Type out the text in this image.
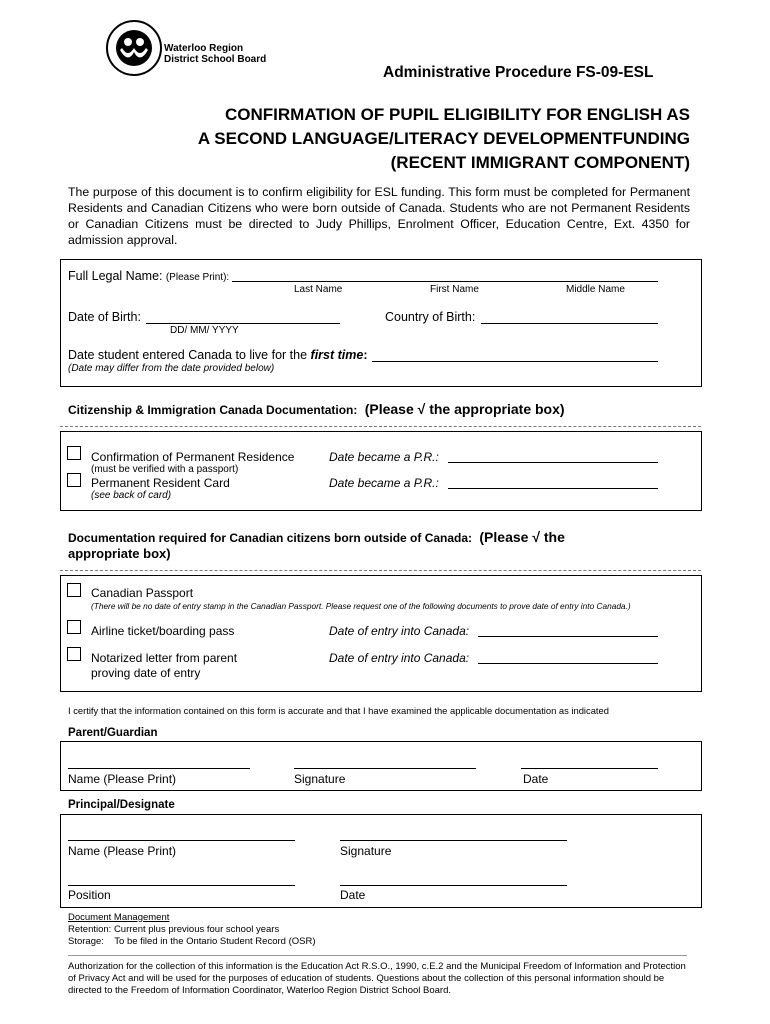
Waterloo Region
District School Board
Administrative Procedure FS-09-ESL
CONFIRMATION OF PUPIL ELIGIBILITY FOR ENGLISH AS
A SECOND LANGUAGE/LITERACY DEVELOPMENTFUNDING
(RECENT IMMIGRANT COMPONENT)
The purpose of this document is to confirm eligibility for ESL funding. This form must be completed for Permanent Residents and Canadian Citizens who were born outside of Canada. Students who are not Permanent Residents or Canadian Citizens must be directed to Judy Phillips, Enrolment Officer, Education Centre, Ext. 4350 for admission approval.
Full Legal Name: (Please Print):
Last Name	First Name	Middle Name
Date of Birth:
DD/ MM/ YYYY
Country of Birth:
Date student entered Canada to live for the first time:
(Date may differ from the date provided below)
Citizenship & Immigration Canada Documentation: (Please √ the appropriate box)
Confirmation of Permanent Residence
(must be verified with a passport)
Date became a P.R.:
Permanent Resident Card
(see back of card)
Date became a P.R.:
Documentation required for Canadian citizens born outside of Canada: (Please √ the
appropriate box)
Canadian Passport
(There will be no date of entry stamp in the Canadian Passport. Please request one of the following documents to prove date of entry into Canada.)
Airline ticket/boarding pass	Date of entry into Canada:
Notarized letter from parent
proving date of entry
Date of entry into Canada:
I certify that the information contained on this form is accurate and that I have examined the applicable documentation as indicated
Parent/Guardian
Name (Please Print)	Signature	Date
Principal/Designate
Name (Please Print)	Signature
Position	Date
Document Management
Retention: Current plus previous four school years
Storage:    To be filed in the Ontario Student Record (OSR)
Authorization for the collection of this information is the Education Act R.S.O., 1990, c.E.2 and the Municipal Freedom of Information and Protection of Privacy Act and will be used for the purposes of education of students. Questions about the collection of this personal information should be directed to the Freedom of Information Coordinator, Waterloo Region District School Board.
